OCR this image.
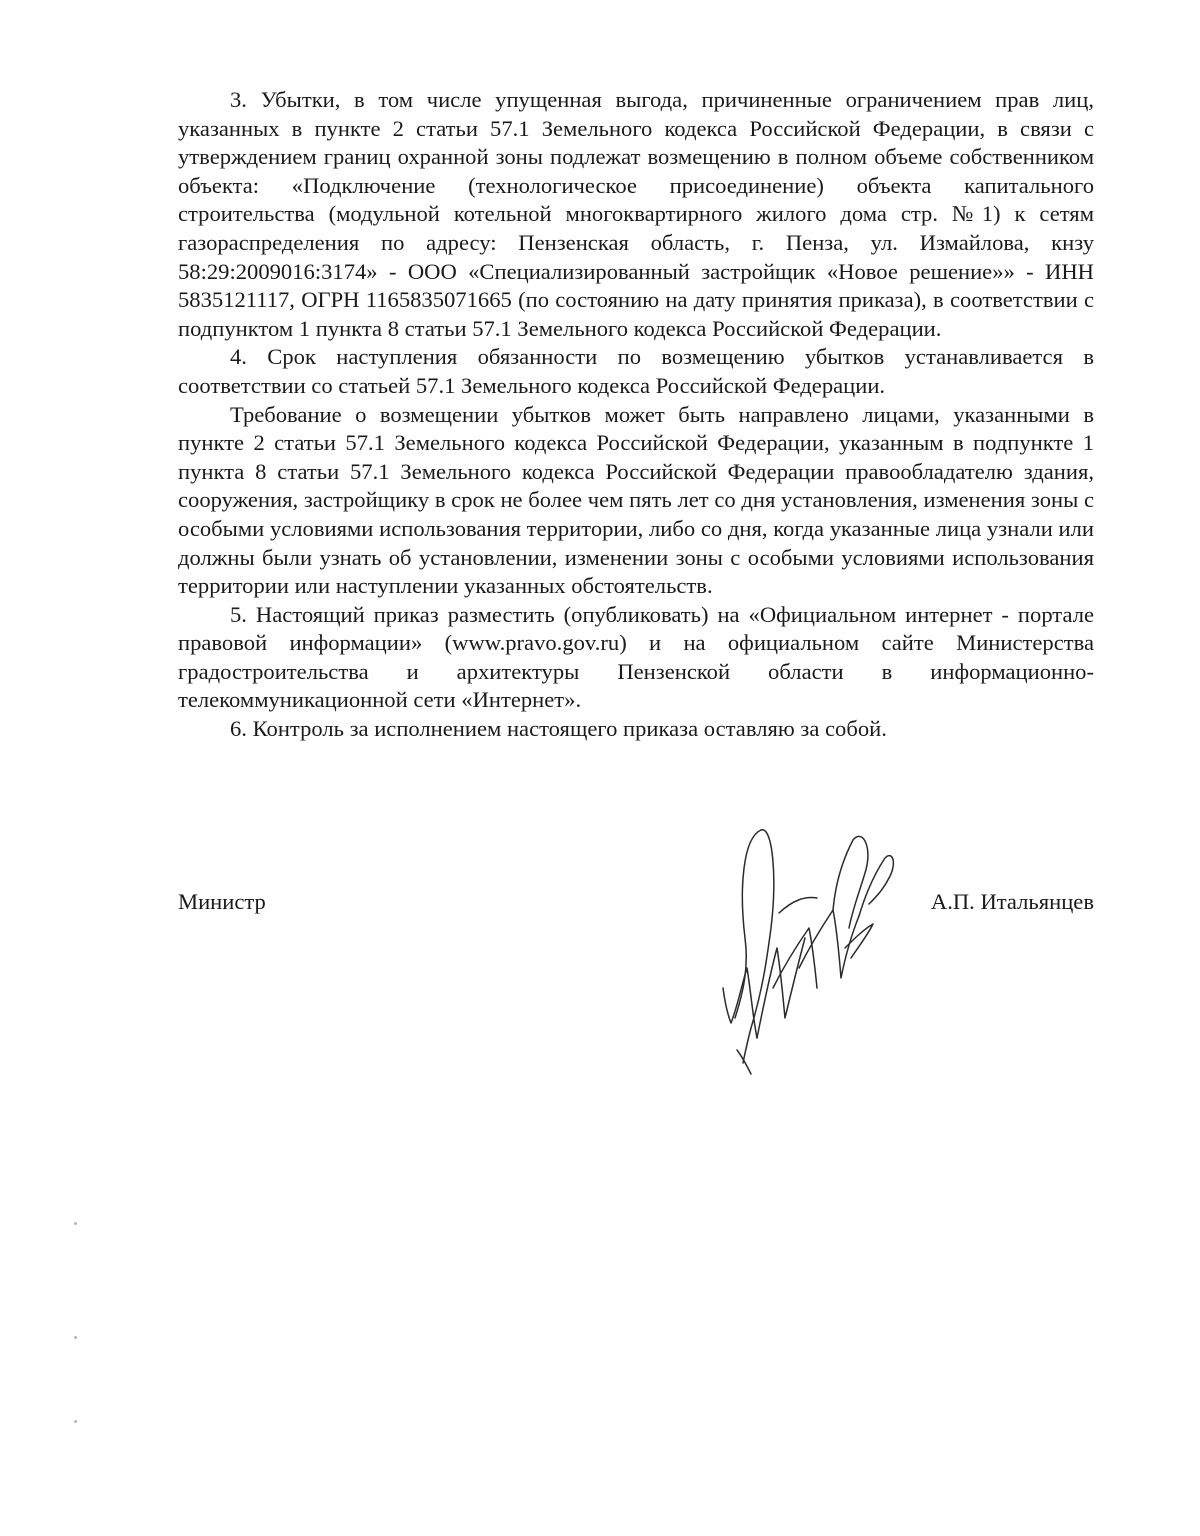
3. Убытки, в том числе упущенная выгода, причиненные ограничением прав лиц, указанных в пункте 2 статьи 57.1 Земельного кодекса Российской Федерации, в связи с утверждением границ охранной зоны подлежат возмещению в полном объеме собственником объекта: «Подключение (технологическое присоединение) объекта капитального строительства (модульной котельной многоквартирного жилого дома стр. №1) к сетям газораспределения по адресу: Пензенская область, г. Пенза, ул. Измайлова, кнзу 58:29:2009016:3174» - ООО «Специализированный застройщик «Новое решение»» - ИНН 5835121117, ОГРН 1165835071665 (по состоянию на дату принятия приказа), в соответствии с подпунктом 1 пункта 8 статьи 57.1 Земельного кодекса Российской Федерации.

4. Срок наступления обязанности по возмещению убытков устанавливается в соответствии со статьей 57.1 Земельного кодекса Российской Федерации.

Требование о возмещении убытков может быть направлено лицами, указанными в пункте 2 статьи 57.1 Земельного кодекса Российской Федерации, указанным в подпункте 1 пункта 8 статьи 57.1 Земельного кодекса Российской Федерации правообладателю здания, сооружения, застройщику в срок не более чем пять лет со дня установления, изменения зоны с особыми условиями использования территории, либо со дня, когда указанные лица узнали или должны были узнать об установлении, изменении зоны с особыми условиями использования территории или наступлении указанных обстоятельств.

5. Настоящий приказ разместить (опубликовать) на «Официальном интернет - портале правовой информации» (www.pravo.gov.ru) и на официальном сайте Министерства градостроительства и архитектуры Пензенской области в информационно-телекоммуникационной сети «Интернет».

6. Контроль за исполнением настоящего приказа оставляю за собой.

Министр	А.П. Итальянцев
